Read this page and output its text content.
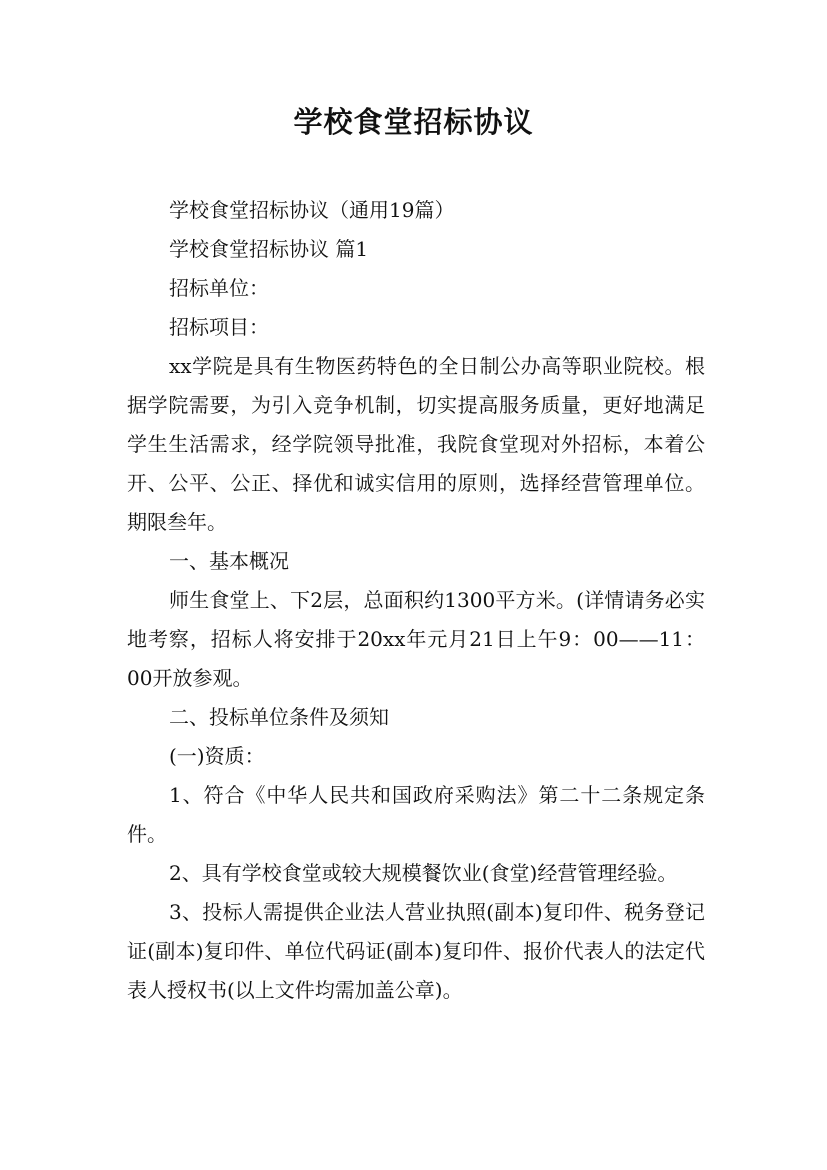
学校食堂招标协议

学校食堂招标协议（通用19篇）

学校食堂招标协议 篇1

招标单位：

招标项目：

xx学院是具有生物医药特色的全日制公办高等职业院校。根据学院需要，为引入竞争机制，切实提高服务质量，更好地满足学生生活需求，经学院领导批准，我院食堂现对外招标，本着公开、公平、公正、择优和诚实信用的原则，选择经营管理单位。期限叁年。

一、基本概况

师生食堂上、下2层，总面积约1300平方米。(详情请务必实地考察，招标人将安排于20xx年元月21日上午9：00——11：00开放参观。

二、投标单位条件及须知

(一)资质：

1、符合《中华人民共和国政府采购法》第二十二条规定条件。

2、具有学校食堂或较大规模餐饮业(食堂)经营管理经验。

3、投标人需提供企业法人营业执照(副本)复印件、税务登记证(副本)复印件、单位代码证(副本)复印件、报价代表人的法定代表人授权书(以上文件均需加盖公章)。
